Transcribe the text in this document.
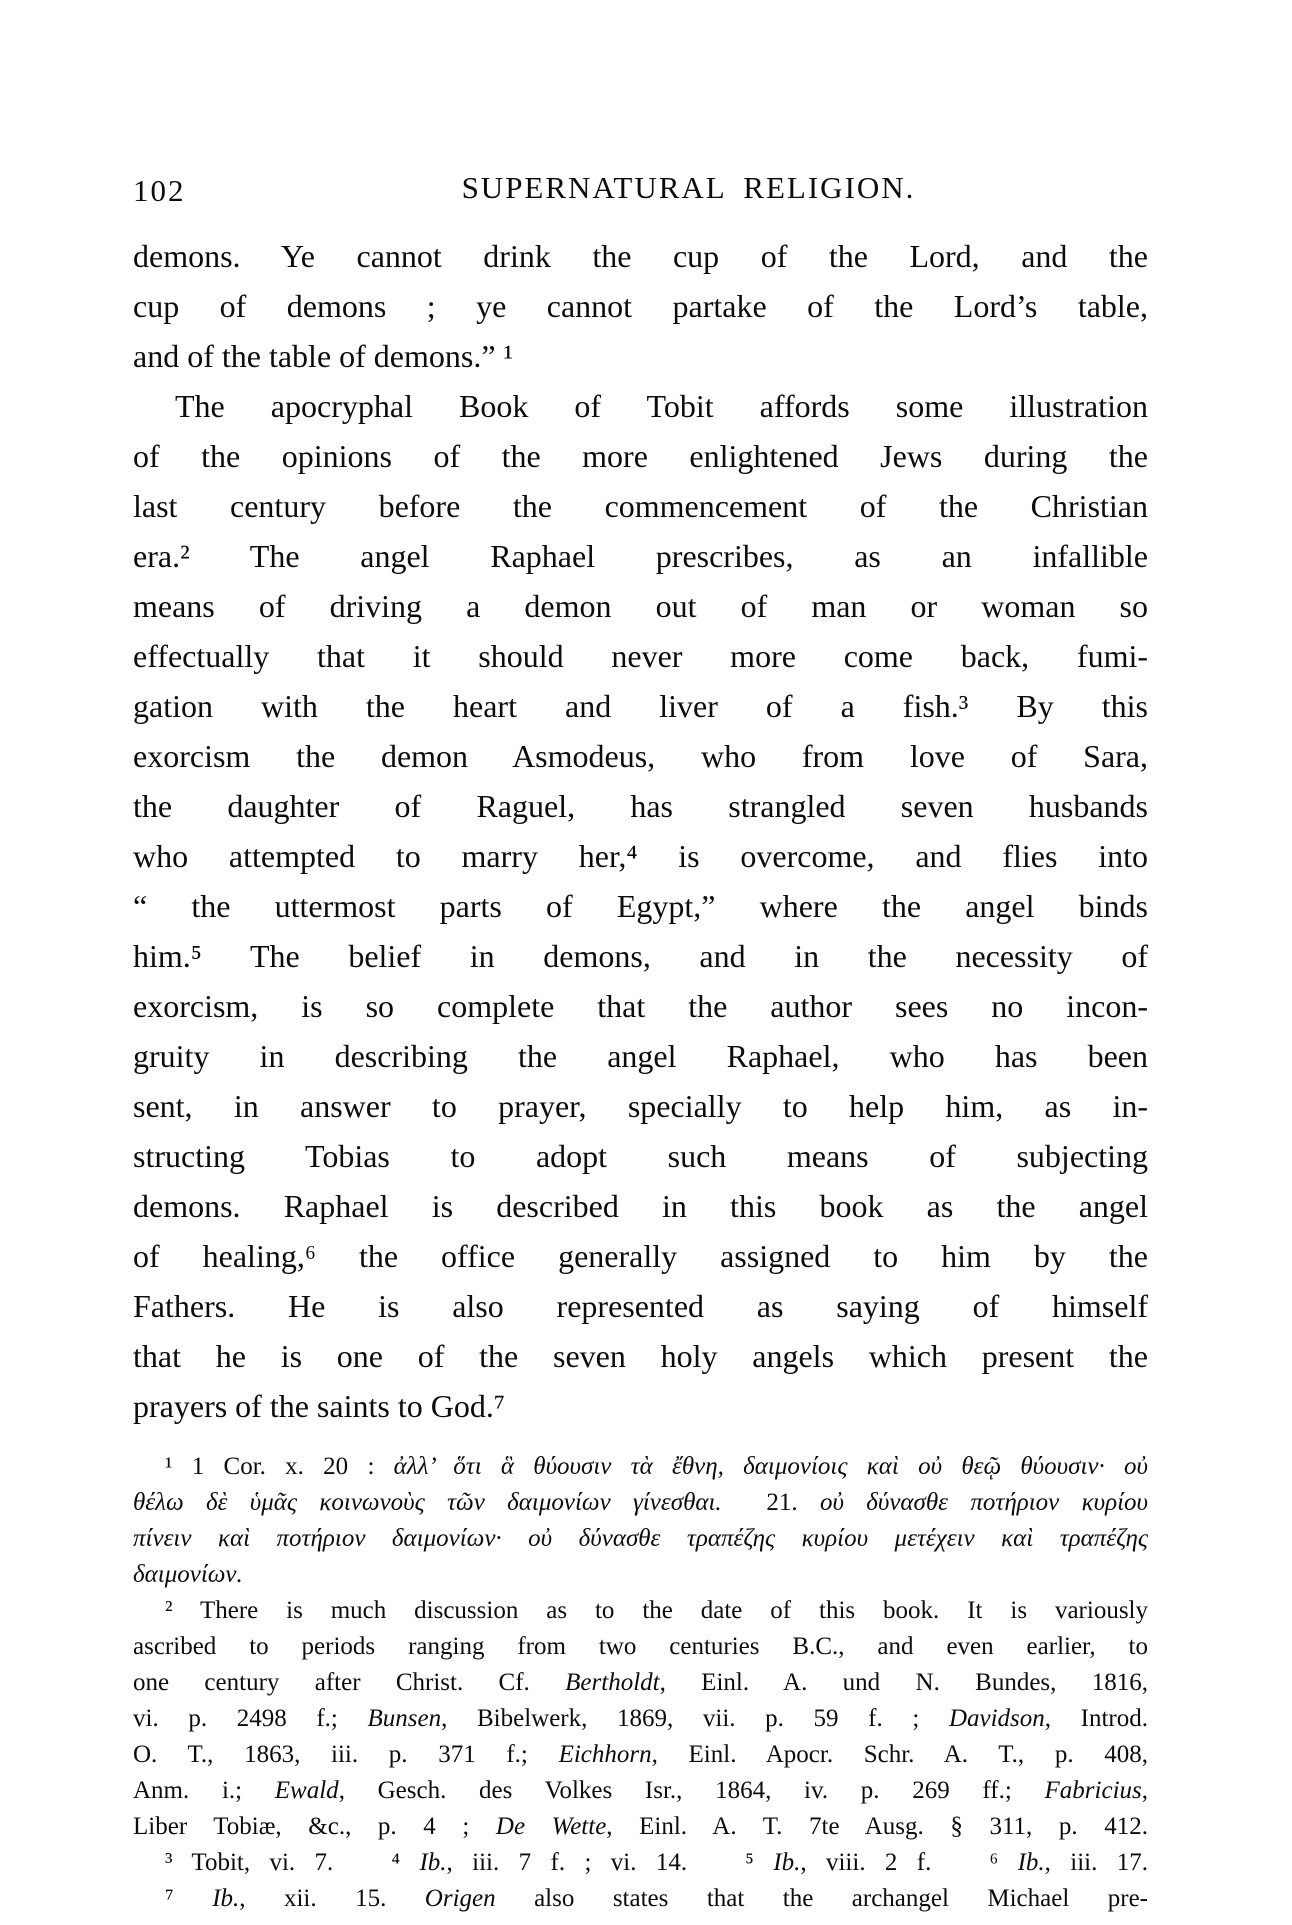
102	SUPERNATURAL RELIGION.
demons. Ye cannot drink the cup of the Lord, and the
cup of demons ; ye cannot partake of the Lord’s table,
and of the table of demons.” ¹
The apocryphal Book of Tobit affords some illustration
of the opinions of the more enlightened Jews during the
last century before the commencement of the Christian
era.² The angel Raphael prescribes, as an infallible
means of driving a demon out of man or woman so
effectually that it should never more come back, fumi-
gation with the heart and liver of a fish.³ By this
exorcism the demon Asmodeus, who from love of Sara,
the daughter of Raguel, has strangled seven husbands
who attempted to marry her,⁴ is overcome, and flies into
“ the uttermost parts of Egypt,” where the angel binds
him.⁵ The belief in demons, and in the necessity of
exorcism, is so complete that the author sees no incon-
gruity in describing the angel Raphael, who has been
sent, in answer to prayer, specially to help him, as in-
structing Tobias to adopt such means of subjecting
demons. Raphael is described in this book as the angel
of healing,⁶ the office generally assigned to him by the
Fathers. He is also represented as saying of himself
that he is one of the seven holy angels which present the
prayers of the saints to God.⁷
¹ 1 Cor. x. 20 : ἀλλ’ ὅτι ἃ θύουσιν τὰ ἔθνη, δαιμονίοις καὶ οὐ θεῷ θύουσιν· οὐ
θέλω δὲ ὑμᾶς κοινωνοὺς τῶν δαιμονίων γίνεσθαι.  21. οὐ δύνασθε ποτήριον κυρίου
πίνειν καὶ ποτήριον δαιμονίων· οὐ δύνασθε τραπέζης κυρίου μετέχειν καὶ τραπέζης
δαιμονίων.
² There is much discussion as to the date of this book. It is variously
ascribed to periods ranging from two centuries B.C., and even earlier, to
one century after Christ. Cf. Bertholdt, Einl. A. und N. Bundes, 1816,
vi. p. 2498 f.; Bunsen, Bibelwerk, 1869, vii. p. 59 f. ; Davidson, Introd.
O. T., 1863, iii. p. 371 f.; Eichhorn, Einl. Apocr. Schr. A. T., p. 408,
Anm. i.; Ewald, Gesch. des Volkes Isr., 1864, iv. p. 269 ff.; Fabricius,
Liber Tobiæ, &c., p. 4 ; De Wette, Einl. A. T. 7te Ausg. § 311, p. 412.
³ Tobit, vi. 7.   ⁴ Ib., iii. 7 f. ; vi. 14.   ⁵ Ib., viii. 2 f.   ⁶ Ib., iii. 17.
⁷ Ib., xii. 15. Origen also states that the archangel Michael pre-
